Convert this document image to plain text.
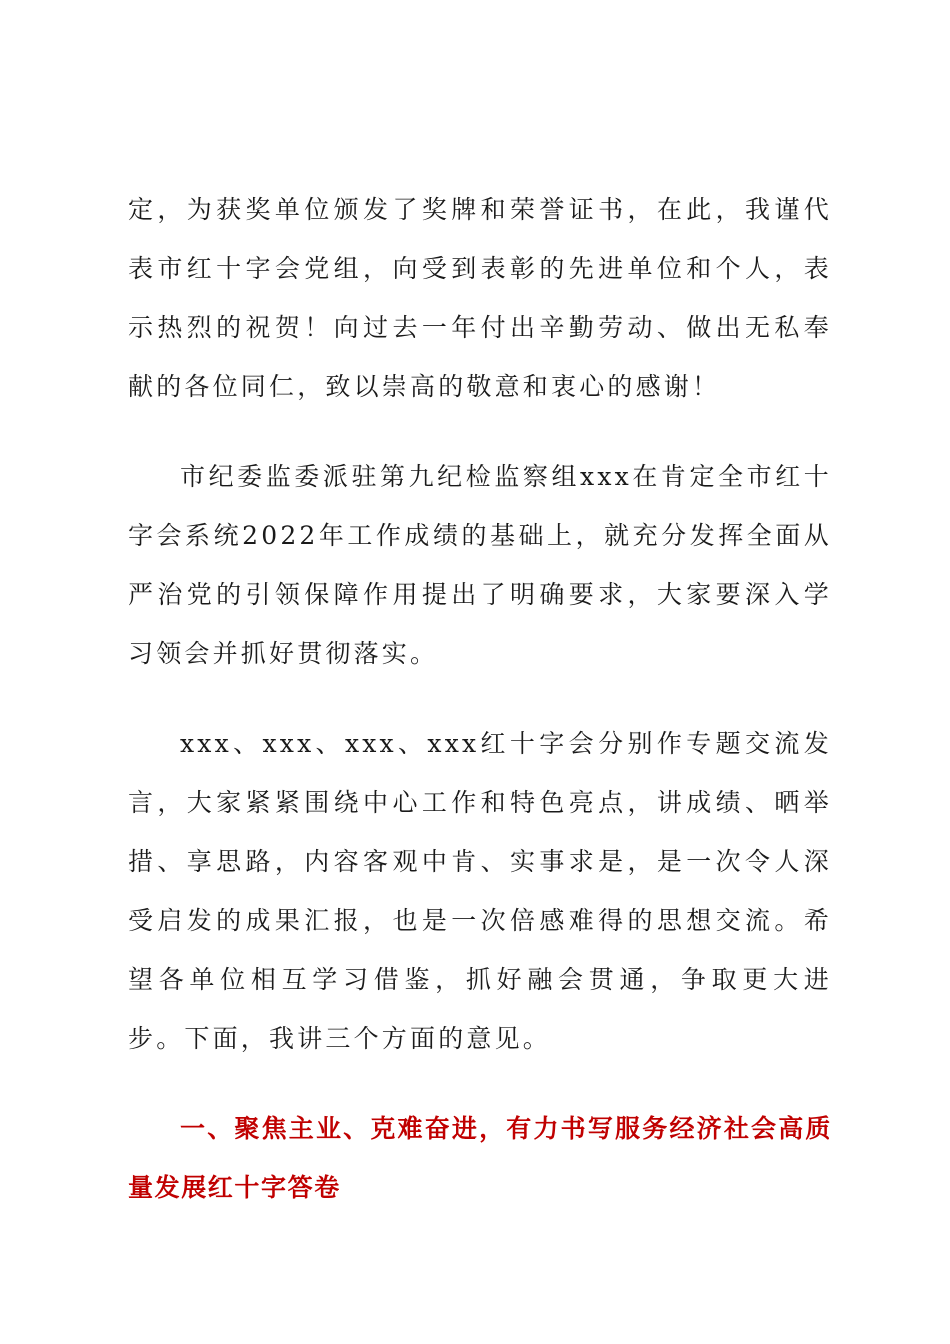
定，为获奖单位颁发了奖牌和荣誉证书，在此，我谨代表市红十字会党组，向受到表彰的先进单位和个人，表示热烈的祝贺！向过去一年付出辛勤劳动、做出无私奉献的各位同仁，致以崇高的敬意和衷心的感谢！

市纪委监委派驻第九纪检监察组xxx在肯定全市红十字会系统2022年工作成绩的基础上，就充分发挥全面从严治党的引领保障作用提出了明确要求，大家要深入学习领会并抓好贯彻落实。

xxx、xxx、xxx、xxx红十字会分别作专题交流发言，大家紧紧围绕中心工作和特色亮点，讲成绩、晒举措、享思路，内容客观中肯、实事求是，是一次令人深受启发的成果汇报，也是一次倍感难得的思想交流。希望各单位相互学习借鉴，抓好融会贯通，争取更大进步。下面，我讲三个方面的意见。

一、聚焦主业、克难奋进，有力书写服务经济社会高质量发展红十字答卷
